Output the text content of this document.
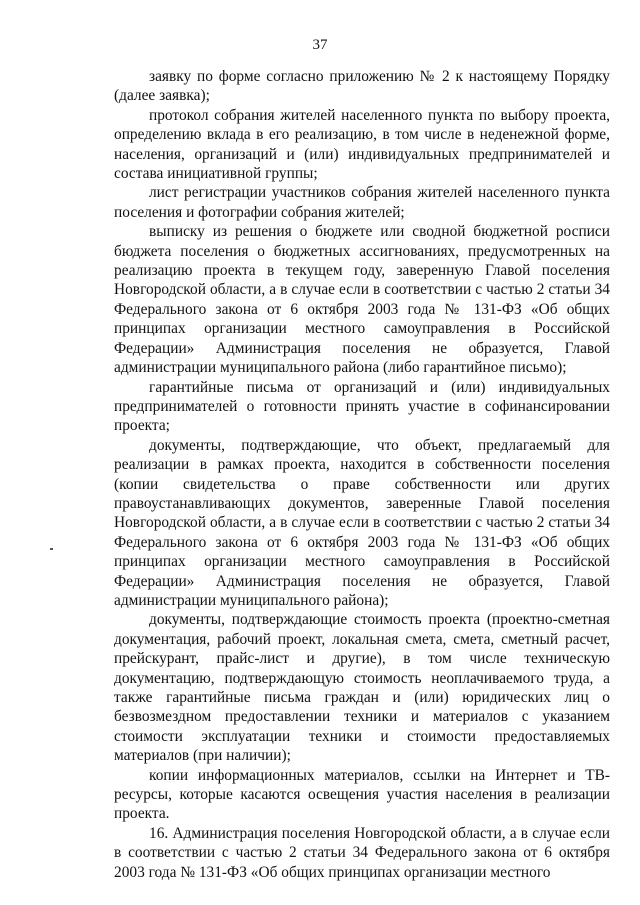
37

заявку по форме согласно приложению № 2 к настоящему Порядку (далее заявка);

протокол собрания жителей населенного пункта по выбору проекта, определению вклада в его реализацию, в том числе в неденежной форме, населения, организаций и (или) индивидуальных предпринимателей и состава инициативной группы;

лист регистрации участников собрания жителей населенного пункта поселения и фотографии собрания жителей;

выписку из решения о бюджете или сводной бюджетной росписи бюджета поселения о бюджетных ассигнованиях, предусмотренных на реализацию проекта в текущем году, заверенную Главой поселения Новгородской области, а в случае если в соответствии с частью 2 статьи 34 Федерального закона от 6 октября 2003 года № 131-ФЗ «Об общих принципах организации местного самоуправления в Российской Федерации» Администрация поселения не образуется, Главой администрации муниципального района (либо гарантийное письмо);

гарантийные письма от организаций и (или) индивидуальных предпринимателей о готовности принять участие в софинансировании проекта;

документы, подтверждающие, что объект, предлагаемый для реализации в рамках проекта, находится в собственности поселения (копии свидетельства о праве собственности или других правоустанавливающих документов, заверенные Главой поселения Новгородской области, а в случае если в соответствии с частью 2 статьи 34 Федерального закона от 6 октября 2003 года № 131-ФЗ «Об общих принципах организации местного самоуправления в Российской Федерации» Администрация поселения не образуется, Главой администрации муниципального района);

документы, подтверждающие стоимость проекта (проектно-сметная документация, рабочий проект, локальная смета, смета, сметный расчет, прейскурант, прайс-лист и другие), в том числе техническую документацию, подтверждающую стоимость неоплачиваемого труда, а также гарантийные письма граждан и (или) юридических лиц о безвозмездном предоставлении техники и материалов с указанием стоимости эксплуатации техники и стоимости предоставляемых материалов (при наличии);

копии информационных материалов, ссылки на Интернет и ТВ-ресурсы, которые касаются освещения участия населения в реализации проекта.

16. Администрация поселения Новгородской области, а в случае если в соответствии с частью 2 статьи 34 Федерального закона от 6 октября 2003 года № 131-ФЗ «Об общих принципах организации местного
